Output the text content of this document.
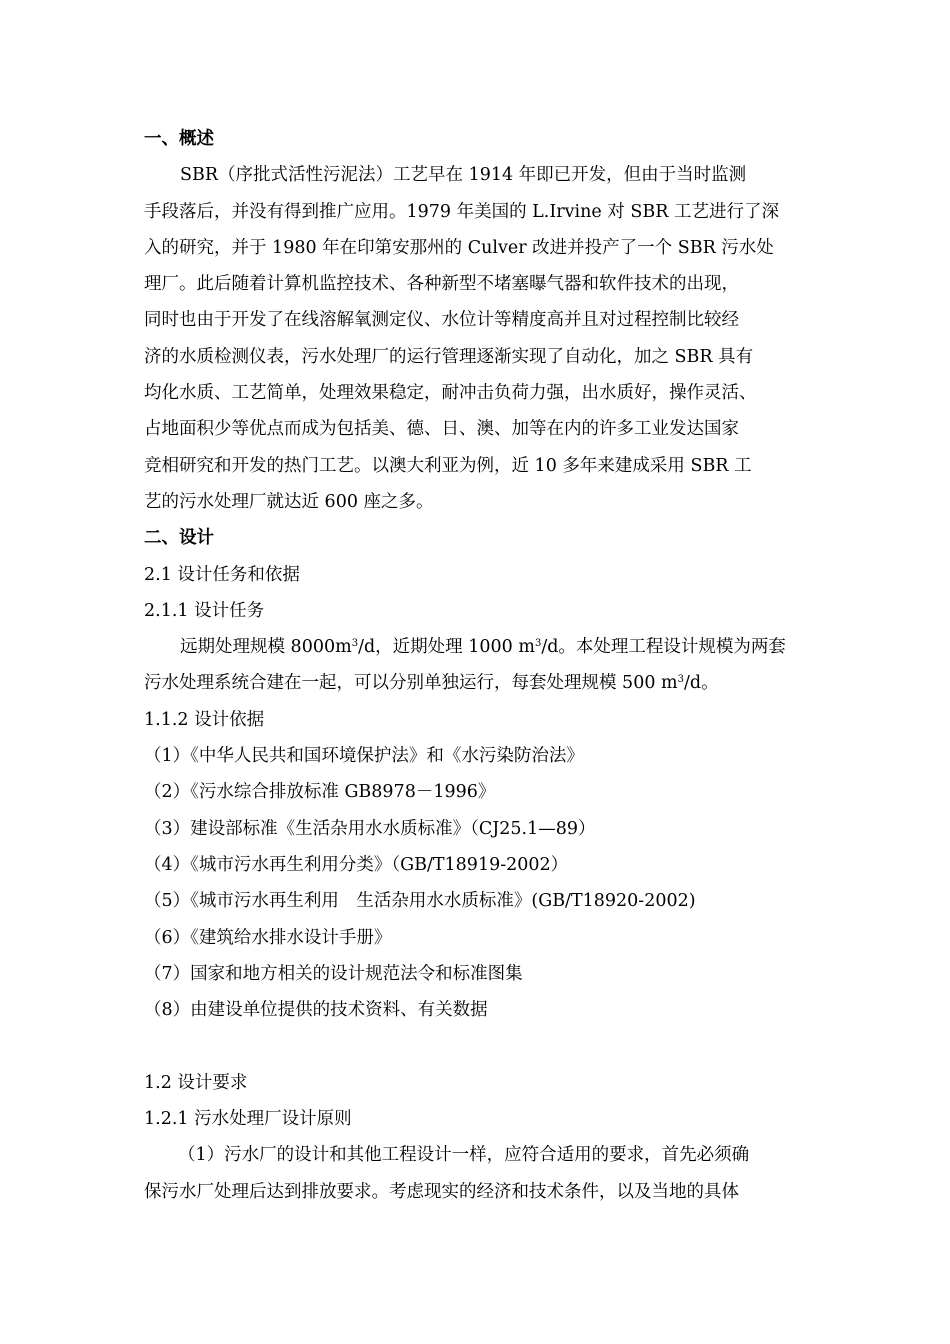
一、概述
SBR（序批式活性污泥法）工艺早在 1914 年即已开发，但由于当时监测
手段落后，并没有得到推广应用。1979 年美国的 L.Irvine 对 SBR 工艺进行了深
入的研究，并于 1980 年在印第安那州的 Culver 改进并投产了一个 SBR 污水处
理厂。此后随着计算机监控技术、各种新型不堵塞曝气器和软件技术的出现，
同时也由于开发了在线溶解氧测定仪、水位计等精度高并且对过程控制比较经
济的水质检测仪表，污水处理厂的运行管理逐渐实现了自动化，加之 SBR 具有
均化水质、工艺简单，处理效果稳定，耐冲击负荷力强，出水质好，操作灵活、
占地面积少等优点而成为包括美、德、日、澳、加等在内的许多工业发达国家
竞相研究和开发的热门工艺。以澳大利亚为例，近 10 多年来建成采用 SBR 工
艺的污水处理厂就达近 600 座之多。
二、设计
2.1 设计任务和依据
2.1.1 设计任务
远期处理规模 $8000m^3/d$，近期处理 1000 $m^3/d$。本处理工程设计规模为两套
污水处理系统合建在一起，可以分别单独运行，每套处理规模 500 $m^3/d$。
1.1.2 设计依据
（1）《中华人民共和国环境保护法》和《水污染防治法》
（2）《污水综合排放标准 GB8978－1996》
（3）建设部标准《生活杂用水水质标准》（CJ25.1—89）
（4）《城市污水再生利用分类》（GB/T18919-2002）
（5）《城市污水再生利用　生活杂用水水质标准》(GB/T18920-2002)
（6）《建筑给水排水设计手册》
（7）国家和地方相关的设计规范法令和标准图集
（8）由建设单位提供的技术资料、有关数据
1.2 设计要求
1.2.1 污水处理厂设计原则
（1）污水厂的设计和其他工程设计一样，应符合适用的要求，首先必须确
保污水厂处理后达到排放要求。考虑现实的经济和技术条件，以及当地的具体
